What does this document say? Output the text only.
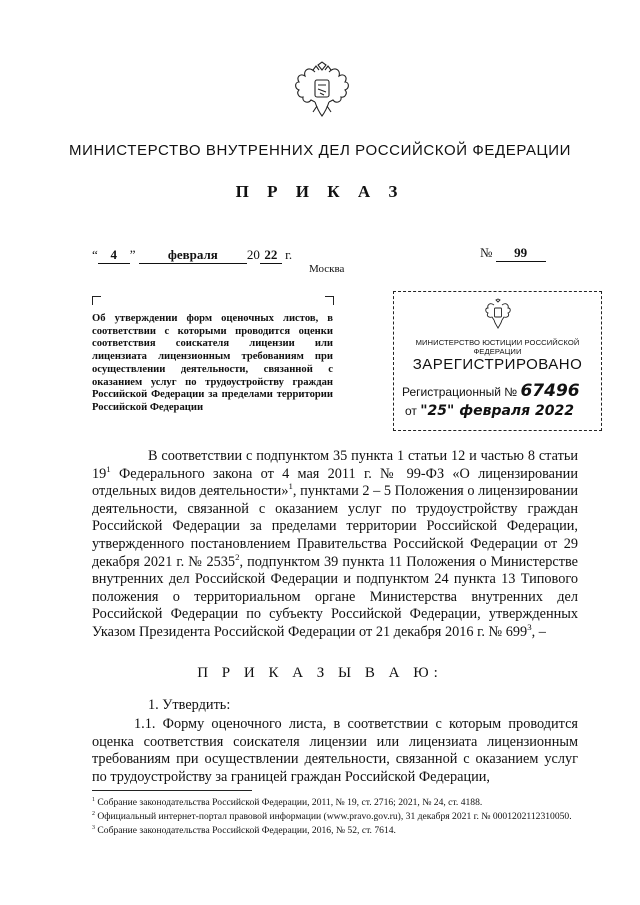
МИНИСТЕРСТВО ВНУТРЕННИХ ДЕЛ РОССИЙСКОЙ ФЕДЕРАЦИИ
П Р И К А З
“ 4 ” февраля 20 22 г.	№ 99
Москва
Об утверждении форм оценочных листов, в соответствии с которыми проводится оценки соответствия соискателя лицензии или лицензиата лицензионным требованиям при осуществлении деятельности, связанной с оказанием услуг по трудоустройству граждан Российской Федерации за пределами территории Российской Федерации
МИНИСТЕРСТВО ЮСТИЦИИ РОССИЙСКОЙ ФЕДЕРАЦИИ
ЗАРЕГИСТРИРОВАНО
Регистрационный № 67496
от "25" февраля 2022
В соответствии с подпунктом 35 пункта 1 статьи 12 и частью 8 статьи $19^1$ Федерального закона от 4 мая 2011 г. № 99-ФЗ «О лицензировании отдельных видов деятельности»$^1$, пунктами 2 – 5 Положения о лицензировании деятельности, связанной с оказанием услуг по трудоустройству граждан Российской Федерации за пределами территории Российской Федерации, утвержденного постановлением Правительства Российской Федерации от 29 декабря 2021 г. № 2535$^2$, подпунктом 39 пункта 11 Положения о Министерстве внутренних дел Российской Федерации и подпунктом 24 пункта 13 Типового положения о территориальном органе Министерства внутренних дел Российской Федерации по субъекту Российской Федерации, утвержденных Указом Президента Российской Федерации от 21 декабря 2016 г. № $699^3$, –
П Р И К А З Ы В А Ю:
1. Утвердить:
1.1. Форму оценочного листа, в соответствии с которым проводится оценка соответствия соискателя лицензии или лицензиата лицензионным требованиям при осуществлении деятельности, связанной с оказанием услуг по трудоустройству за границей граждан Российской Федерации,
$^1$ Собрание законодательства Российской Федерации, 2011, № 19, ст. 2716; 2021, № 24, ст. 4188.
$^2$ Официальный интернет-портал правовой информации (www.pravo.gov.ru), 31 декабря 2021 г. № 0001202112310050.
$^3$ Собрание законодательства Российской Федерации, 2016, № 52, ст. 7614.
